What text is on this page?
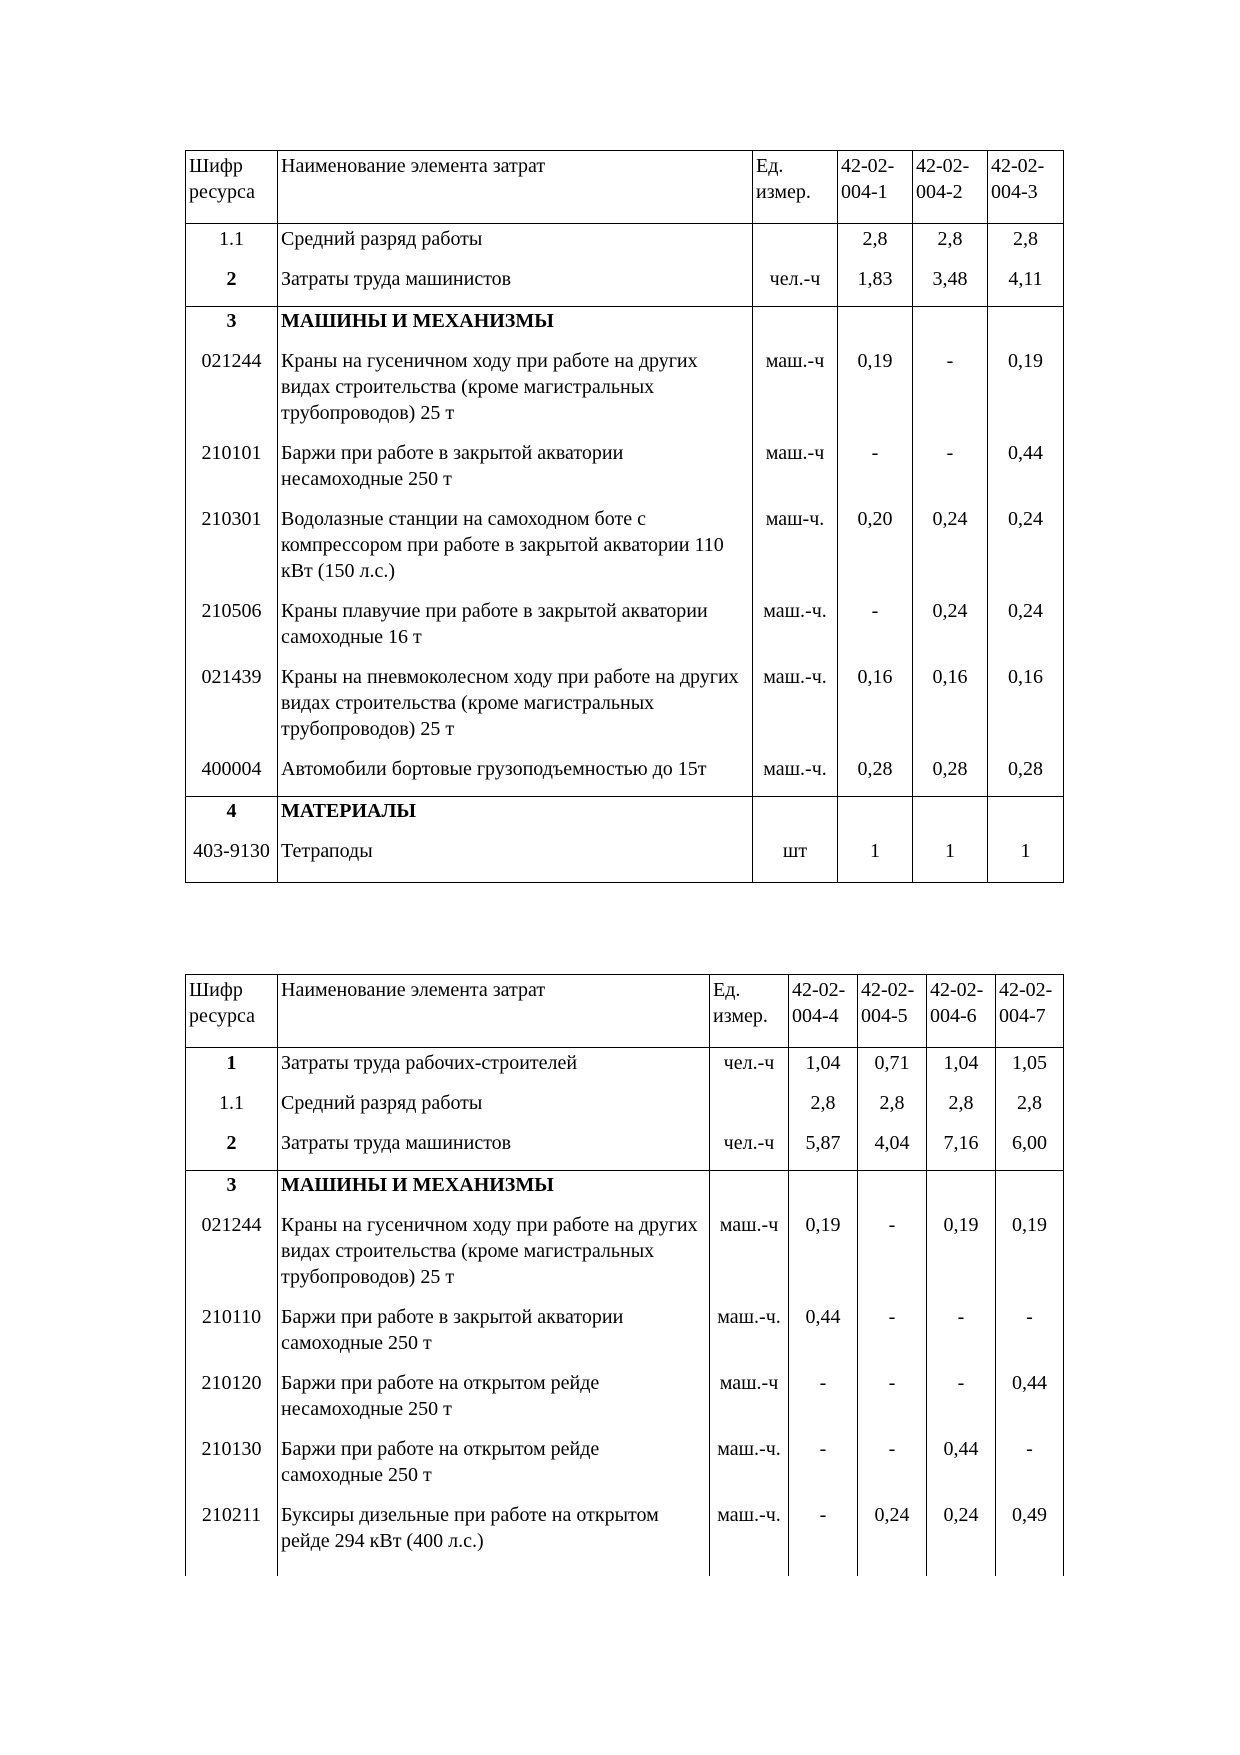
Шифр ресурса	Наименование элемента затрат	Ед. измер.	42-02-004-1	42-02-004-2	42-02-004-3
1.1	Средний разряд работы		2,8	2,8	2,8
2	Затраты труда машинистов	чел.-ч	1,83	3,48	4,11
3	МАШИНЫ И МЕХАНИЗМЫ				
021244	Краны на гусеничном ходу при работе на других видах строительства (кроме магистральных трубопроводов) 25 т	маш.-ч	0,19	-	0,19
210101	Баржи при работе в закрытой акватории несамоходные 250 т	маш.-ч	-	-	0,44
210301	Водолазные станции на самоходном боте с компрессором при работе в закрытой акватории 110 кВт (150 л.с.)	маш-ч.	0,20	0,24	0,24
210506	Краны плавучие при работе в закрытой акватории самоходные 16 т	маш.-ч.	-	0,24	0,24
021439	Краны на пневмоколесном ходу при работе на других видах строительства (кроме магистральных трубопроводов) 25 т	маш.-ч.	0,16	0,16	0,16
400004	Автомобили бортовые грузоподъемностью до 15т	маш.-ч.	0,28	0,28	0,28
4	МАТЕРИАЛЫ				
403-9130	Тетраподы	шт	1	1	1
Шифр ресурса	Наименование элемента затрат	Ед. измер.	42-02-004-4	42-02-004-5	42-02-004-6	42-02-004-7
1	Затраты труда рабочих-строителей	чел.-ч	1,04	0,71	1,04	1,05
1.1	Средний разряд работы		2,8	2,8	2,8	2,8
2	Затраты труда машинистов	чел.-ч	5,87	4,04	7,16	6,00
3	МАШИНЫ И МЕХАНИЗМЫ					
021244	Краны на гусеничном ходу при работе на других видах строительства (кроме магистральных трубопроводов) 25 т	маш.-ч	0,19	-	0,19	0,19
210110	Баржи при работе в закрытой акватории самоходные 250 т	маш.-ч.	0,44	-	-	-
210120	Баржи при работе на открытом рейде несамоходные 250 т	маш.-ч	-	-	-	0,44
210130	Баржи при работе на открытом рейде самоходные 250 т	маш.-ч.	-	-	0,44	-
210211	Буксиры дизельные при работе на открытом рейде 294 кВт (400 л.с.)	маш.-ч.	-	0,24	0,24	0,49
